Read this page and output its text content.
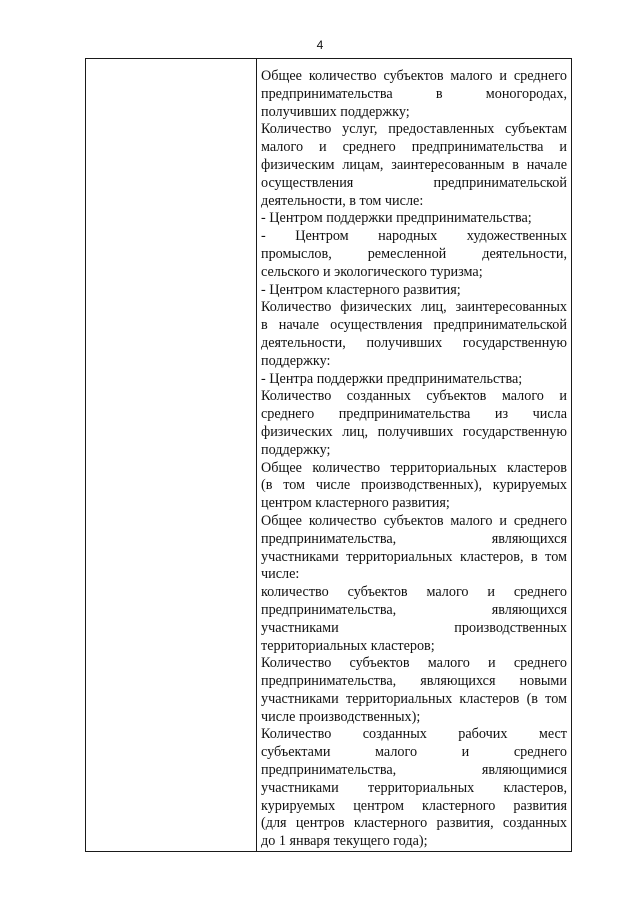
4

Общее количество субъектов малого и среднего
предпринимательства в моногородах,
получивших поддержку;
Количество услуг, предоставленных субъектам
малого и среднего предпринимательства и
физическим лицам, заинтересованным в начале
осуществления предпринимательской
деятельности, в том числе:
- Центром поддержки предпринимательства;
- Центром народных художественных
промыслов, ремесленной деятельности,
сельского и экологического туризма;
- Центром кластерного развития;
Количество физических лиц, заинтересованных
в начале осуществления предпринимательской
деятельности, получивших государственную
поддержку:
- Центра поддержки предпринимательства;
Количество созданных субъектов малого и
среднего предпринимательства из числа
физических лиц, получивших государственную
поддержку;
Общее количество территориальных кластеров
(в том числе производственных), курируемых
центром кластерного развития;
Общее количество субъектов малого и среднего
предпринимательства, являющихся
участниками территориальных кластеров, в том
числе:
количество субъектов малого и среднего
предпринимательства, являющихся
участниками производственных
территориальных кластеров;
Количество субъектов малого и среднего
предпринимательства, являющихся новыми
участниками территориальных кластеров (в том
числе производственных);
Количество созданных рабочих мест
субъектами малого и среднего
предпринимательства, являющимися
участниками территориальных кластеров,
курируемых центром кластерного развития
(для центров кластерного развития, созданных
до 1 января текущего года);
